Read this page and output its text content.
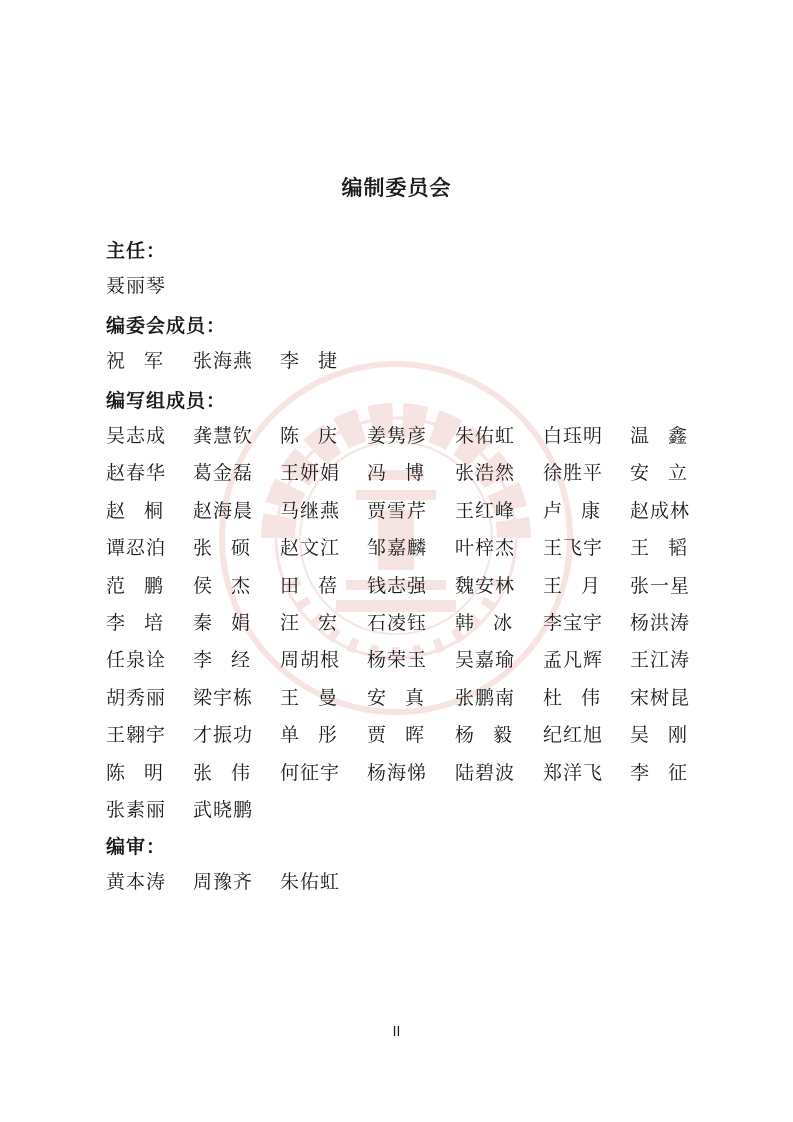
编制委员会
主任：
聂丽琴
编委会成员：
祝 军 张海燕 李 捷
编写组成员：
吴志成 龚慧钦 陈 庆 姜隽彦 朱佑虹 白珏明 温 鑫
赵春华 葛金磊 王妍娟 冯 博 张浩然 徐胜平 安 立
赵 桐 赵海晨 马继燕 贾雪芹 王红峰 卢 康 赵成林
谭忍泊 张 硕 赵文江 邹嘉麟 叶梓杰 王飞宇 王 韬
范 鹏 侯 杰 田 蓓 钱志强 魏安林 王 月 张一星
李 培 秦 娟 汪 宏 石凌钰 韩 冰 李宝宇 杨洪涛
任泉诠 李 经 周胡根 杨荣玉 吴嘉瑜 孟凡辉 王江涛
胡秀丽 梁宇栋 王 曼 安 真 张鹏南 杜 伟 宋树昆
王翱宇 才振功 单 彤 贾 晖 杨 毅 纪红旭 吴 刚
陈 明 张 伟 何征宇 杨海悌 陆碧波 郑洋飞 李 征
张素丽 武晓鹏
编审：
黄本涛 周豫齐 朱佑虹
II
